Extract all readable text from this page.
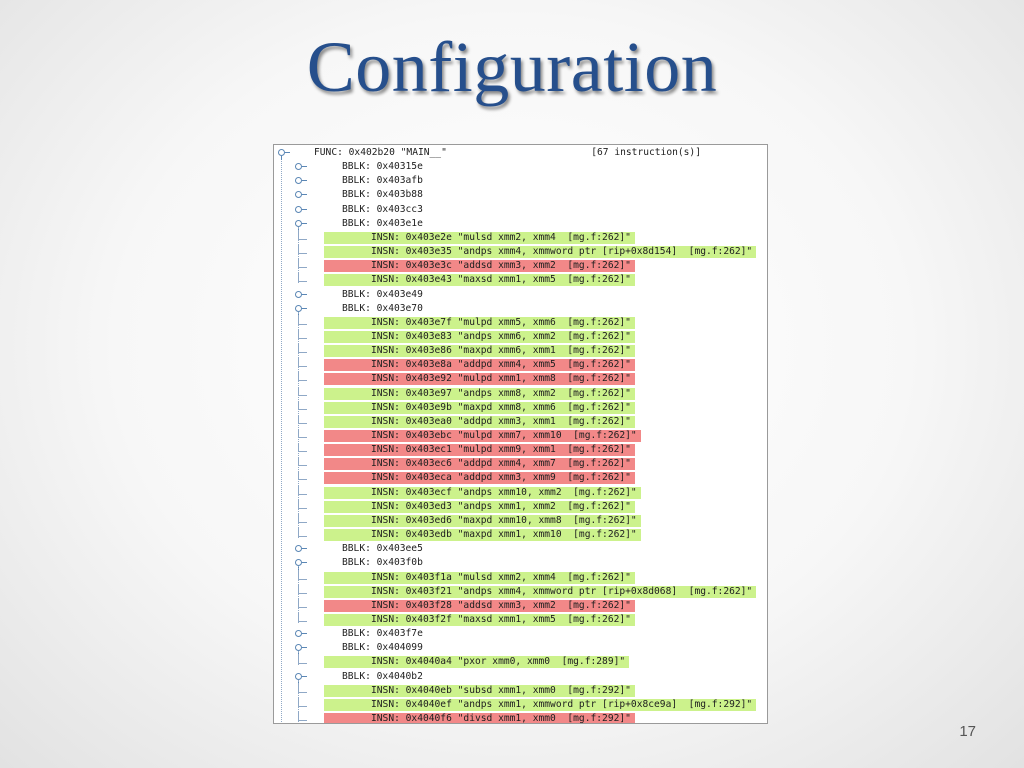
Configuration
FUNC: 0x402b20 "MAIN__"                         [67 instruction(s)]
BBLK: 0x40315e
BBLK: 0x403afb
BBLK: 0x403b88
BBLK: 0x403cc3
BBLK: 0x403e1e
INSN: 0x403e2e "mulsd xmm2, xmm4  [mg.f:262]"
INSN: 0x403e35 "andps xmm4, xmmword ptr [rip+0x8d154]  [mg.f:262]"
INSN: 0x403e3c "addsd xmm3, xmm2  [mg.f:262]"
INSN: 0x403e43 "maxsd xmm1, xmm5  [mg.f:262]"
BBLK: 0x403e49
BBLK: 0x403e70
INSN: 0x403e7f "mulpd xmm5, xmm6  [mg.f:262]"
INSN: 0x403e83 "andps xmm6, xmm2  [mg.f:262]"
INSN: 0x403e86 "maxpd xmm6, xmm1  [mg.f:262]"
INSN: 0x403e8a "addpd xmm4, xmm5  [mg.f:262]"
INSN: 0x403e92 "mulpd xmm1, xmm8  [mg.f:262]"
INSN: 0x403e97 "andps xmm8, xmm2  [mg.f:262]"
INSN: 0x403e9b "maxpd xmm8, xmm6  [mg.f:262]"
INSN: 0x403ea0 "addpd xmm3, xmm1  [mg.f:262]"
INSN: 0x403ebc "mulpd xmm7, xmm10  [mg.f:262]"
INSN: 0x403ec1 "mulpd xmm9, xmm1  [mg.f:262]"
INSN: 0x403ec6 "addpd xmm4, xmm7  [mg.f:262]"
INSN: 0x403eca "addpd xmm3, xmm9  [mg.f:262]"
INSN: 0x403ecf "andps xmm10, xmm2  [mg.f:262]"
INSN: 0x403ed3 "andps xmm1, xmm2  [mg.f:262]"
INSN: 0x403ed6 "maxpd xmm10, xmm8  [mg.f:262]"
INSN: 0x403edb "maxpd xmm1, xmm10  [mg.f:262]"
BBLK: 0x403ee5
BBLK: 0x403f0b
INSN: 0x403f1a "mulsd xmm2, xmm4  [mg.f:262]"
INSN: 0x403f21 "andps xmm4, xmmword ptr [rip+0x8d068]  [mg.f:262]"
INSN: 0x403f28 "addsd xmm3, xmm2  [mg.f:262]"
INSN: 0x403f2f "maxsd xmm1, xmm5  [mg.f:262]"
BBLK: 0x403f7e
BBLK: 0x404099
INSN: 0x4040a4 "pxor xmm0, xmm0  [mg.f:289]"
BBLK: 0x4040b2
INSN: 0x4040eb "subsd xmm1, xmm0  [mg.f:292]"
INSN: 0x4040ef "andps xmm1, xmmword ptr [rip+0x8ce9a]  [mg.f:292]"
INSN: 0x4040f6 "divsd xmm1, xmm0  [mg.f:292]"
17
